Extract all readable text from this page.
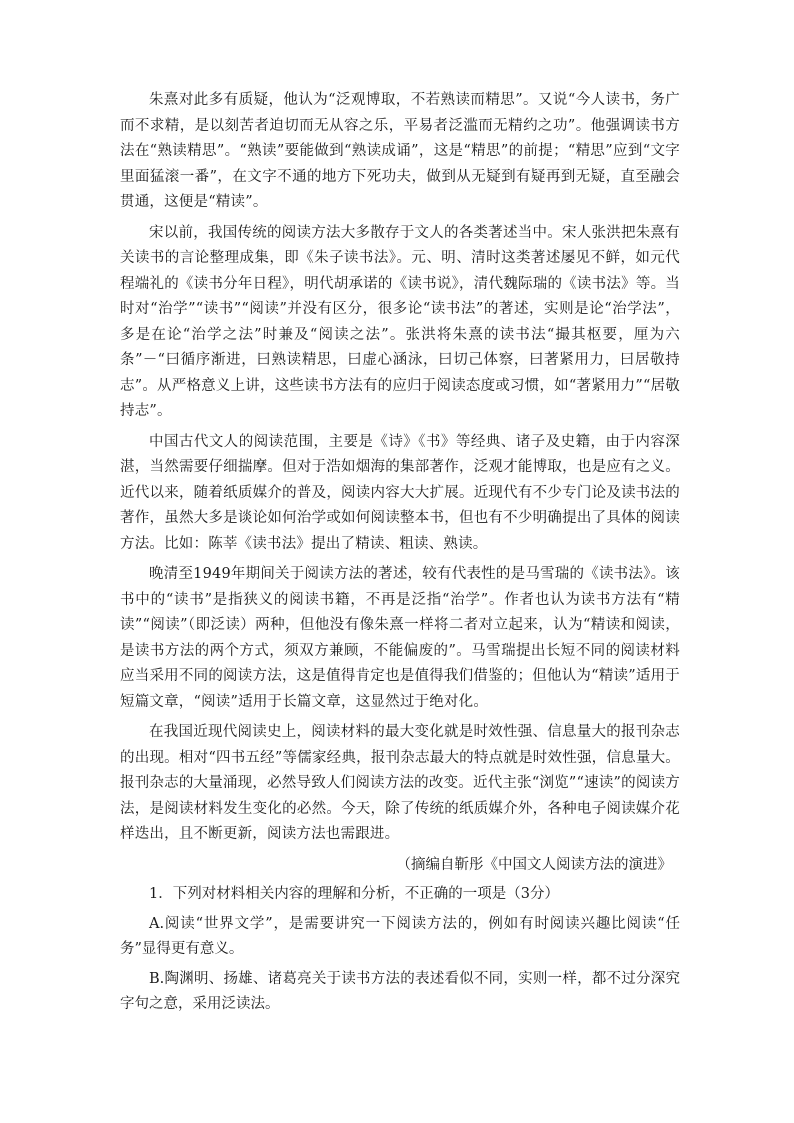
朱熹对此多有质疑，他认为“泛观博取，不若熟读而精思”。又说“今人读书，务广而不求精，是以刻苦者迫切而无从容之乐，平易者泛滥而无精约之功”。他强调读书方法在“熟读精思”。“熟读”要能做到“熟读成诵”，这是“精思”的前提；“精思”应到“文字里面猛滚一番”，在文字不通的地方下死功夫，做到从无疑到有疑再到无疑，直至融会贯通，这便是“精读”。

宋以前，我国传统的阅读方法大多散存于文人的各类著述当中。宋人张洪把朱熹有关读书的言论整理成集，即《朱子读书法》。元、明、清时这类著述屡见不鲜，如元代程端礼的《读书分年日程》，明代胡承诺的《读书说》，清代魏际瑞的《读书法》等。当时对“治学”“读书”“阅读”并没有区分，很多论“读书法”的著述，实则是论“治学法”，多是在论“治学之法”时兼及“阅读之法”。张洪将朱熹的读书法“撮其枢要，厘为六条”－“曰循序渐进，曰熟读精思，曰虚心涵泳，曰切己体察，曰著紧用力，曰居敬持志”。从严格意义上讲，这些读书方法有的应归于阅读态度或习惯，如“著紧用力”“居敬持志”。

中国古代文人的阅读范围，主要是《诗》《书》等经典、诸子及史籍，由于内容深湛，当然需要仔细揣摩。但对于浩如烟海的集部著作，泛观才能博取，也是应有之义。近代以来，随着纸质媒介的普及，阅读内容大大扩展。近现代有不少专门论及读书法的著作，虽然大多是谈论如何治学或如何阅读整本书，但也有不少明确提出了具体的阅读方法。比如：陈莘《读书法》提出了精读、粗读、熟读。

晚清至1949年期间关于阅读方法的著述，较有代表性的是马雪瑞的《读书法》。该书中的“读书”是指狭义的阅读书籍，不再是泛指“治学”。作者也认为读书方法有“精读”“阅读”（即泛读）两种，但他没有像朱熹一样将二者对立起来，认为“精读和阅读，是读书方法的两个方式，须双方兼顾，不能偏废的”。马雪瑞提出长短不同的阅读材料应当采用不同的阅读方法，这是值得肯定也是值得我们借鉴的；但他认为“精读”适用于短篇文章，“阅读”适用于长篇文章，这显然过于绝对化。

在我国近现代阅读史上，阅读材料的最大变化就是时效性强、信息量大的报刊杂志的出现。相对“四书五经”等儒家经典，报刊杂志最大的特点就是时效性强，信息量大。报刊杂志的大量涌现，必然导致人们阅读方法的改变。近代主张“浏览”“速读”的阅读方法，是阅读材料发生变化的必然。今天，除了传统的纸质媒介外，各种电子阅读媒介花样迭出，且不断更新，阅读方法也需跟进。

（摘编自靳彤《中国文人阅读方法的演进》

1．下列对材料相关内容的理解和分析，不正确的一项是（3分）

A.阅读“世界文学”，是需要讲究一下阅读方法的，例如有时阅读兴趣比阅读“任务”显得更有意义。

B.陶渊明、扬雄、诸葛亮关于读书方法的表述看似不同，实则一样，都不过分深究字句之意，采用泛读法。
